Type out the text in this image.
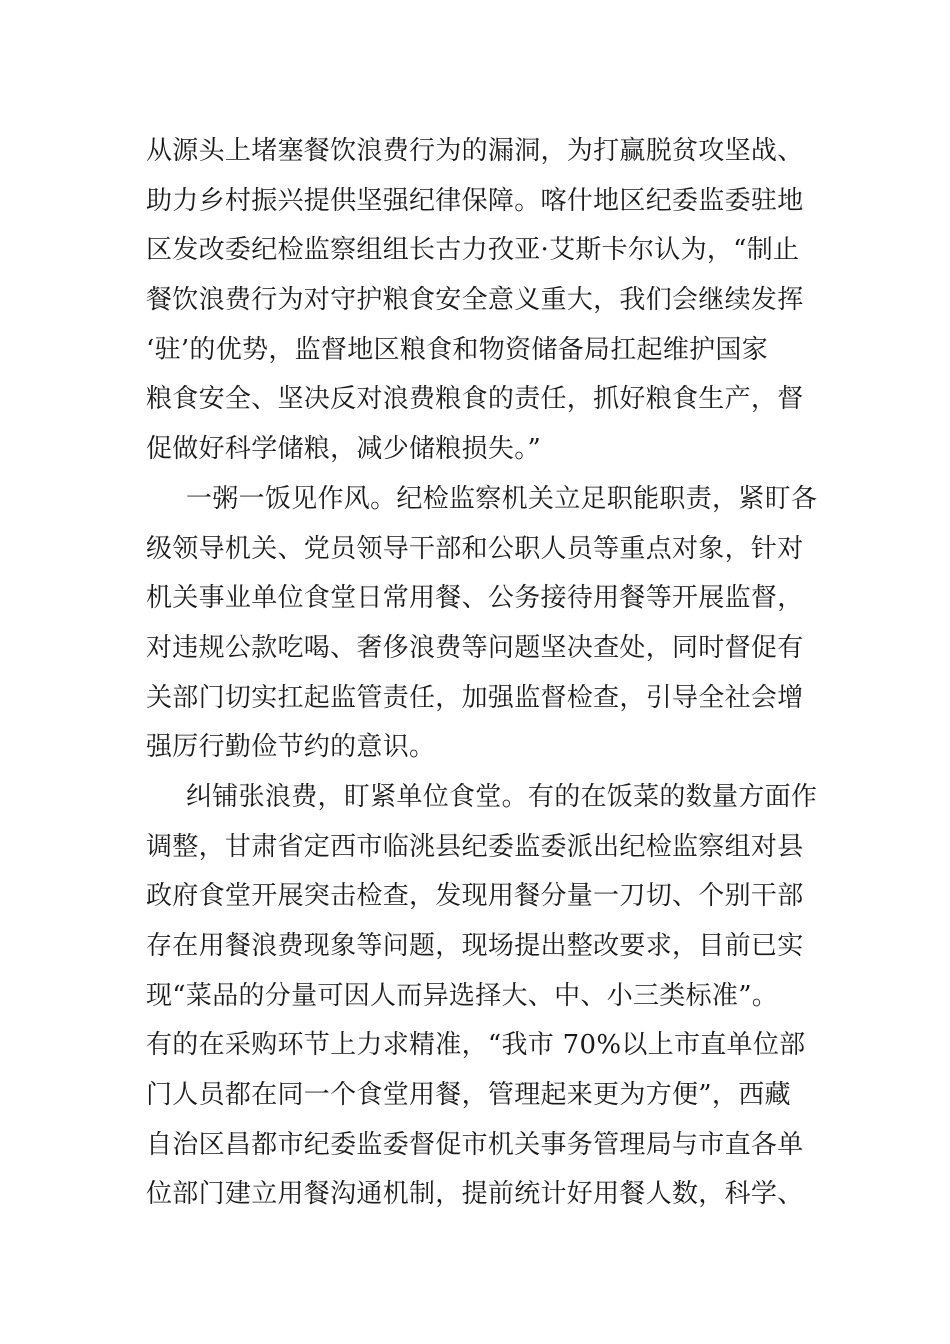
从源头上堵塞餐饮浪费行为的漏洞，为打赢脱贫攻坚战、
助力乡村振兴提供坚强纪律保障。喀什地区纪委监委驻地
区发改委纪检监察组组长古力孜亚·艾斯卡尔认为，“制止
餐饮浪费行为对守护粮食安全意义重大，我们会继续发挥
‘驻’的优势，监督地区粮食和物资储备局扛起维护国家
粮食安全、坚决反对浪费粮食的责任，抓好粮食生产，督
促做好科学储粮，减少储粮损失。”
一粥一饭见作风。纪检监察机关立足职能职责，紧盯各
级领导机关、党员领导干部和公职人员等重点对象，针对
机关事业单位食堂日常用餐、公务接待用餐等开展监督，
对违规公款吃喝、奢侈浪费等问题坚决查处，同时督促有
关部门切实扛起监管责任，加强监督检查，引导全社会增
强厉行勤俭节约的意识。
纠铺张浪费，盯紧单位食堂。有的在饭菜的数量方面作
调整，甘肃省定西市临洮县纪委监委派出纪检监察组对县
政府食堂开展突击检查，发现用餐分量一刀切、个别干部
存在用餐浪费现象等问题，现场提出整改要求，目前已实
现“菜品的分量可因人而异选择大、中、小三类标准”。
有的在采购环节上力求精准，“我市 70%以上市直单位部
门人员都在同一个食堂用餐，管理起来更为方便”，西藏
自治区昌都市纪委监委督促市机关事务管理局与市直各单
位部门建立用餐沟通机制，提前统计好用餐人数，科学、
